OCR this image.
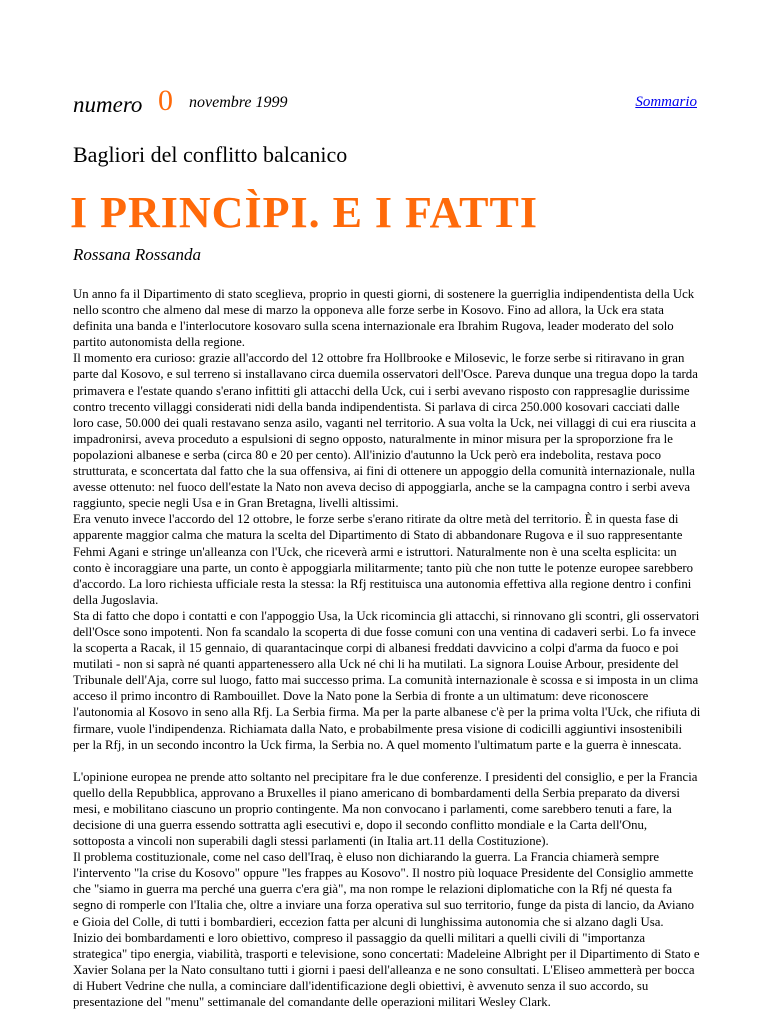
numero 0 novembre 1999	Sommario
Bagliori del conflitto balcanico
I PRINCÌPI. E I FATTI
Rossana Rossanda

Un anno fa il Dipartimento di stato sceglieva, proprio in questi giorni, di sostenere la guerriglia indipendentista della Uck nello scontro che almeno dal mese di marzo la opponeva alle forze serbe in Kosovo. Fino ad allora, la Uck era stata definita una banda e l'interlocutore kosovaro sulla scena internazionale era Ibrahim Rugova, leader moderato del solo partito autonomista della regione.

Il momento era curioso: grazie all'accordo del 12 ottobre fra Hollbrooke e Milosevic, le forze serbe si ritiravano in gran parte dal Kosovo, e sul terreno si installavano circa duemila osservatori dell'Osce. Pareva dunque una tregua dopo la tarda primavera e l'estate quando s'erano infittiti gli attacchi della Uck, cui i serbi avevano risposto con rappresaglie durissime contro trecento villaggi considerati nidi della banda indipendentista. Si parlava di circa 250.000 kosovari cacciati dalle loro case, 50.000 dei quali restavano senza asilo, vaganti nel territorio. A sua volta la Uck, nei villaggi di cui era riuscita a impadronirsi, aveva proceduto a espulsioni di segno opposto, naturalmente in minor misura per la sproporzione fra le popolazioni albanese e serba (circa 80 e 20 per cento). All'inizio d'autunno la Uck però era indebolita, restava poco strutturata, e sconcertata dal fatto che la sua offensiva, ai fini di ottenere un appoggio della comunità internazionale, nulla avesse ottenuto: nel fuoco dell'estate la Nato non aveva deciso di appoggiarla, anche se la campagna contro i serbi aveva raggiunto, specie negli Usa e in Gran Bretagna, livelli altissimi.

Era venuto invece l'accordo del 12 ottobre, le forze serbe s'erano ritirate da oltre metà del territorio. È in questa fase di apparente maggior calma che matura la scelta del Dipartimento di Stato di abbandonare Rugova e il suo rappresentante Fehmi Agani e stringe un'alleanza con l'Uck, che riceverà armi e istruttori. Naturalmente non è una scelta esplicita: un conto è incoraggiare una parte, un conto è appoggiarla militarmente; tanto più che non tutte le potenze europee sarebbero d'accordo. La loro richiesta ufficiale resta la stessa: la Rfj restituisca una autonomia effettiva alla regione dentro i confini della Jugoslavia.

Sta di fatto che dopo i contatti e con l'appoggio Usa, la Uck ricomincia gli attacchi, si rinnovano gli scontri, gli osservatori dell'Osce sono impotenti. Non fa scandalo la scoperta di due fosse comuni con una ventina di cadaveri serbi. Lo fa invece la scoperta a Racak, il 15 gennaio, di quarantacinque corpi di albanesi freddati davvicino a colpi d'arma da fuoco e poi mutilati - non si saprà né quanti appartenessero alla Uck né chi li ha mutilati. La signora Louise Arbour, presidente del Tribunale dell'Aja, corre sul luogo, fatto mai successo prima. La comunità internazionale è scossa e si imposta in un clima acceso il primo incontro di Rambouillet. Dove la Nato pone la Serbia di fronte a un ultimatum: deve riconoscere l'autonomia al Kosovo in seno alla Rfj. La Serbia firma. Ma per la parte albanese c'è per la prima volta l'Uck, che rifiuta di firmare, vuole l'indipendenza. Richiamata dalla Nato, e probabilmente presa visione di codicilli aggiuntivi insostenibili per la Rfj, in un secondo incontro la Uck firma, la Serbia no. A quel momento l'ultimatum parte e la guerra è innescata.

L'opinione europea ne prende atto soltanto nel precipitare fra le due conferenze. I presidenti del consiglio, e per la Francia quello della Repubblica, approvano a Bruxelles il piano americano di bombardamenti della Serbia preparato da diversi mesi, e mobilitano ciascuno un proprio contingente. Ma non convocano i parlamenti, come sarebbero tenuti a fare, la decisione di una guerra essendo sottratta agli esecutivi e, dopo il secondo conflitto mondiale e la Carta dell'Onu, sottoposta a vincoli non superabili dagli stessi parlamenti (in Italia art.11 della Costituzione).

Il problema costituzionale, come nel caso dell'Iraq, è eluso non dichiarando la guerra. La Francia chiamerà sempre l'intervento "la crise du Kosovo" oppure "les frappes au Kosovo". Il nostro più loquace Presidente del Consiglio ammette che "siamo in guerra ma perché una guerra c'era già", ma non rompe le relazioni diplomatiche con la Rfj né questa fa segno di romperle con l'Italia che, oltre a inviare una forza operativa sul suo territorio, funge da pista di lancio, da Aviano e Gioia del Colle, di tutti i bombardieri, eccezion fatta per alcuni di lunghissima autonomia che si alzano dagli Usa.

Inizio dei bombardamenti e loro obiettivo, compreso il passaggio da quelli militari a quelli civili di "importanza strategica" tipo energia, viabilità, trasporti e televisione, sono concertati: Madeleine Albright per il Dipartimento di Stato e Xavier Solana per la Nato consultano tutti i giorni i paesi dell'alleanza e ne sono consultati. L'Eliseo ammetterà per bocca di Hubert Vedrine che nulla, a cominciare dall'identificazione degli obiettivi, è avvenuto senza il suo accordo, su presentazione del "menu" settimanale del comandante delle operazioni militari Wesley Clark.
